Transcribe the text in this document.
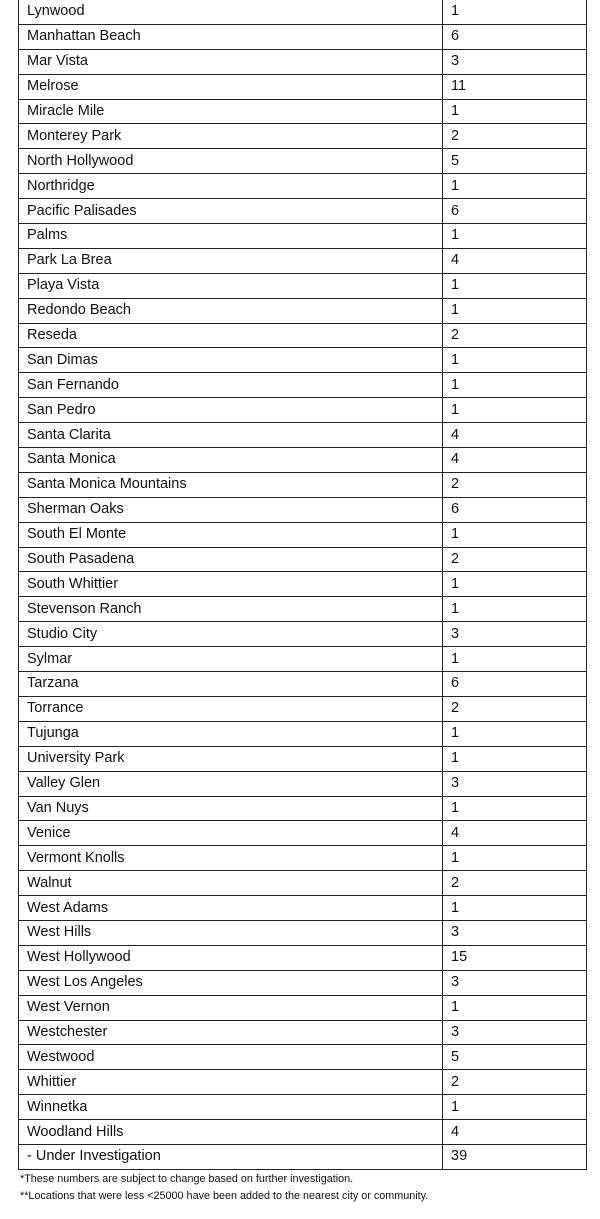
Lynwood	1
Manhattan Beach	6
Mar Vista	3
Melrose	11
Miracle Mile	1
Monterey Park	2
North Hollywood	5
Northridge	1
Pacific Palisades	6
Palms	1
Park La Brea	4
Playa Vista	1
Redondo Beach	1
Reseda	2
San Dimas	1
San Fernando	1
San Pedro	1
Santa Clarita	4
Santa Monica	4
Santa Monica Mountains	2
Sherman Oaks	6
South El Monte	1
South Pasadena	2
South Whittier	1
Stevenson Ranch	1
Studio City	3
Sylmar	1
Tarzana	6
Torrance	2
Tujunga	1
University Park	1
Valley Glen	3
Van Nuys	1
Venice	4
Vermont Knolls	1
Walnut	2
West Adams	1
West Hills	3
West Hollywood	15
West Los Angeles	3
West Vernon	1
Westchester	3
Westwood	5
Whittier	2
Winnetka	1
Woodland Hills	4
- Under Investigation	39
*These numbers are subject to change based on further investigation.
**Locations that were less <25000 have been added to the nearest city or community.
